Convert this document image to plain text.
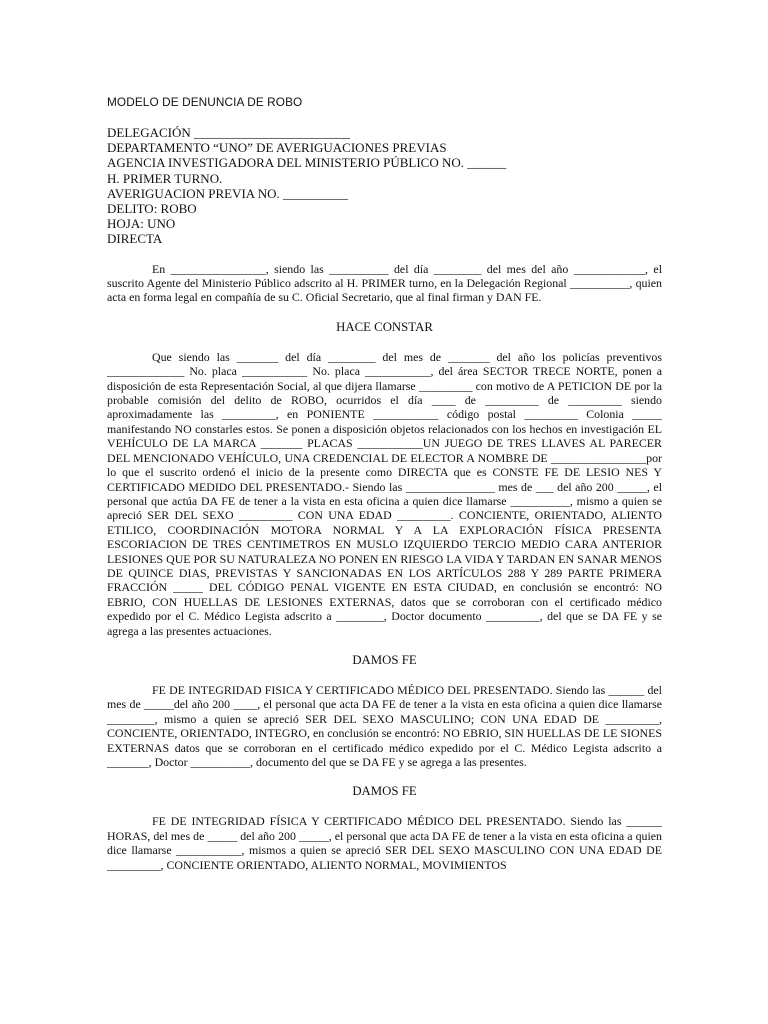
MODELO DE DENUNCIA DE ROBO

DELEGACIÓN ________________________

DEPARTAMENTO “UNO” DE AVERIGUACIONES PREVIAS

AGENCIA INVESTIGADORA DEL MINISTERIO PÚBLICO NO. ______

H. PRIMER TURNO.

AVERIGUACION PREVIA NO. __________

DELITO: ROBO

HOJA: UNO

DIRECTA

En ________________, siendo las __________ del día ________ del mes del año ____________, el suscrito Agente del Ministerio Público adscrito al H. PRIMER turno, en la Delegación Regional __________, quien acta en forma legal en compañía de su C. Oficial Secretario, que al final firman y DAN FE.

HACE CONSTAR

Que siendo las _______ del día ________ del mes de _______ del año los policías preventivos _____________ No. placa ___________ No. placa ___________, del área SECTOR TRECE NORTE, ponen a disposición de esta Representación Social, al que dijera llamarse _________ con motivo de A PETICION DE por la probable comisión del delito de ROBO, ocurridos el día ____ de _________ de _________ siendo aproximadamente las _________, en PONIENTE ___________ código postal _________ Colonia _____ manifestando NO constarles estos. Se ponen a disposición objetos relacionados con los hechos en investigación EL VEHÍCULO DE LA MARCA _______ PLACAS ___________UN JUEGO DE TRES LLAVES AL PARECER DEL MENCIONADO VEHÍCULO, UNA CREDENCIAL DE ELECTOR A NOMBRE DE ________________por lo que el suscrito ordenó el inicio de la presente como DIRECTA que es CONSTE FE DE LESIO NES Y CERTIFICADO MEDIDO DEL PRESENTADO.- Siendo las _______________ mes de ___ del año 200 _____, el personal que actúa DA FE de tener a la vista en esta oficina a quien dice llamarse __________, mismo a quien se apreció SER DEL SEXO _________ CON UNA EDAD _________. CONCIENTE, ORIENTADO, ALIENTO ETILICO, COORDINACIÓN MOTORA NORMAL Y A LA EXPLORACIÓN FÍSICA PRESENTA ESCORIACION DE TRES CENTIMETROS EN MUSLO IZQUIERDO TERCIO MEDIO CARA ANTERIOR LESIONES QUE POR SU NATURALEZA NO PONEN EN RIESGO LA VIDA Y TARDAN EN SANAR MENOS DE QUINCE DIAS, PREVISTAS Y SANCIONADAS EN LOS ARTÍCULOS 288 Y 289 PARTE PRIMERA FRACCIÓN _____ DEL CÓDIGO PENAL VIGENTE EN ESTA CIUDAD, en conclusión se encontró: NO EBRIO, CON HUELLAS DE LESIONES EXTERNAS, datos que se corroboran con el certificado médico expedido por el C. Médico Legista adscrito a ________, Doctor documento _________, del que se DA FE y se agrega a las presentes actuaciones.

DAMOS FE

FE DE INTEGRIDAD FISICA Y CERTIFICADO MÉDICO DEL PRESENTADO. Siendo las ______ del mes de _____del año 200 ____, el personal que acta DA FE de tener a la vista en esta oficina a quien dice llamarse ________, mismo a quien se apreció SER DEL SEXO MASCULINO; CON UNA EDAD DE _________, CONCIENTE, ORIENTADO, INTEGRO, en conclusión se encontró: NO EBRIO, SIN HUELLAS DE LE SIONES EXTERNAS datos que se corroboran en el certificado médico expedido por el C. Médico Legista adscrito a _______, Doctor __________, documento del que se DA FE y se agrega a las presentes.

DAMOS FE

FE DE INTEGRIDAD FÍSICA Y CERTIFICADO MÉDICO DEL PRESENTADO. Siendo las ______ HORAS, del mes de _____ del año 200 _____, el personal que acta DA FE de tener a la vista en esta oficina a quien dice llamarse ___________, mismos a quien se apreció SER DEL SEXO MASCULINO CON UNA EDAD DE _________, CONCIENTE ORIENTADO, ALIENTO NORMAL, MOVIMIENTOS
